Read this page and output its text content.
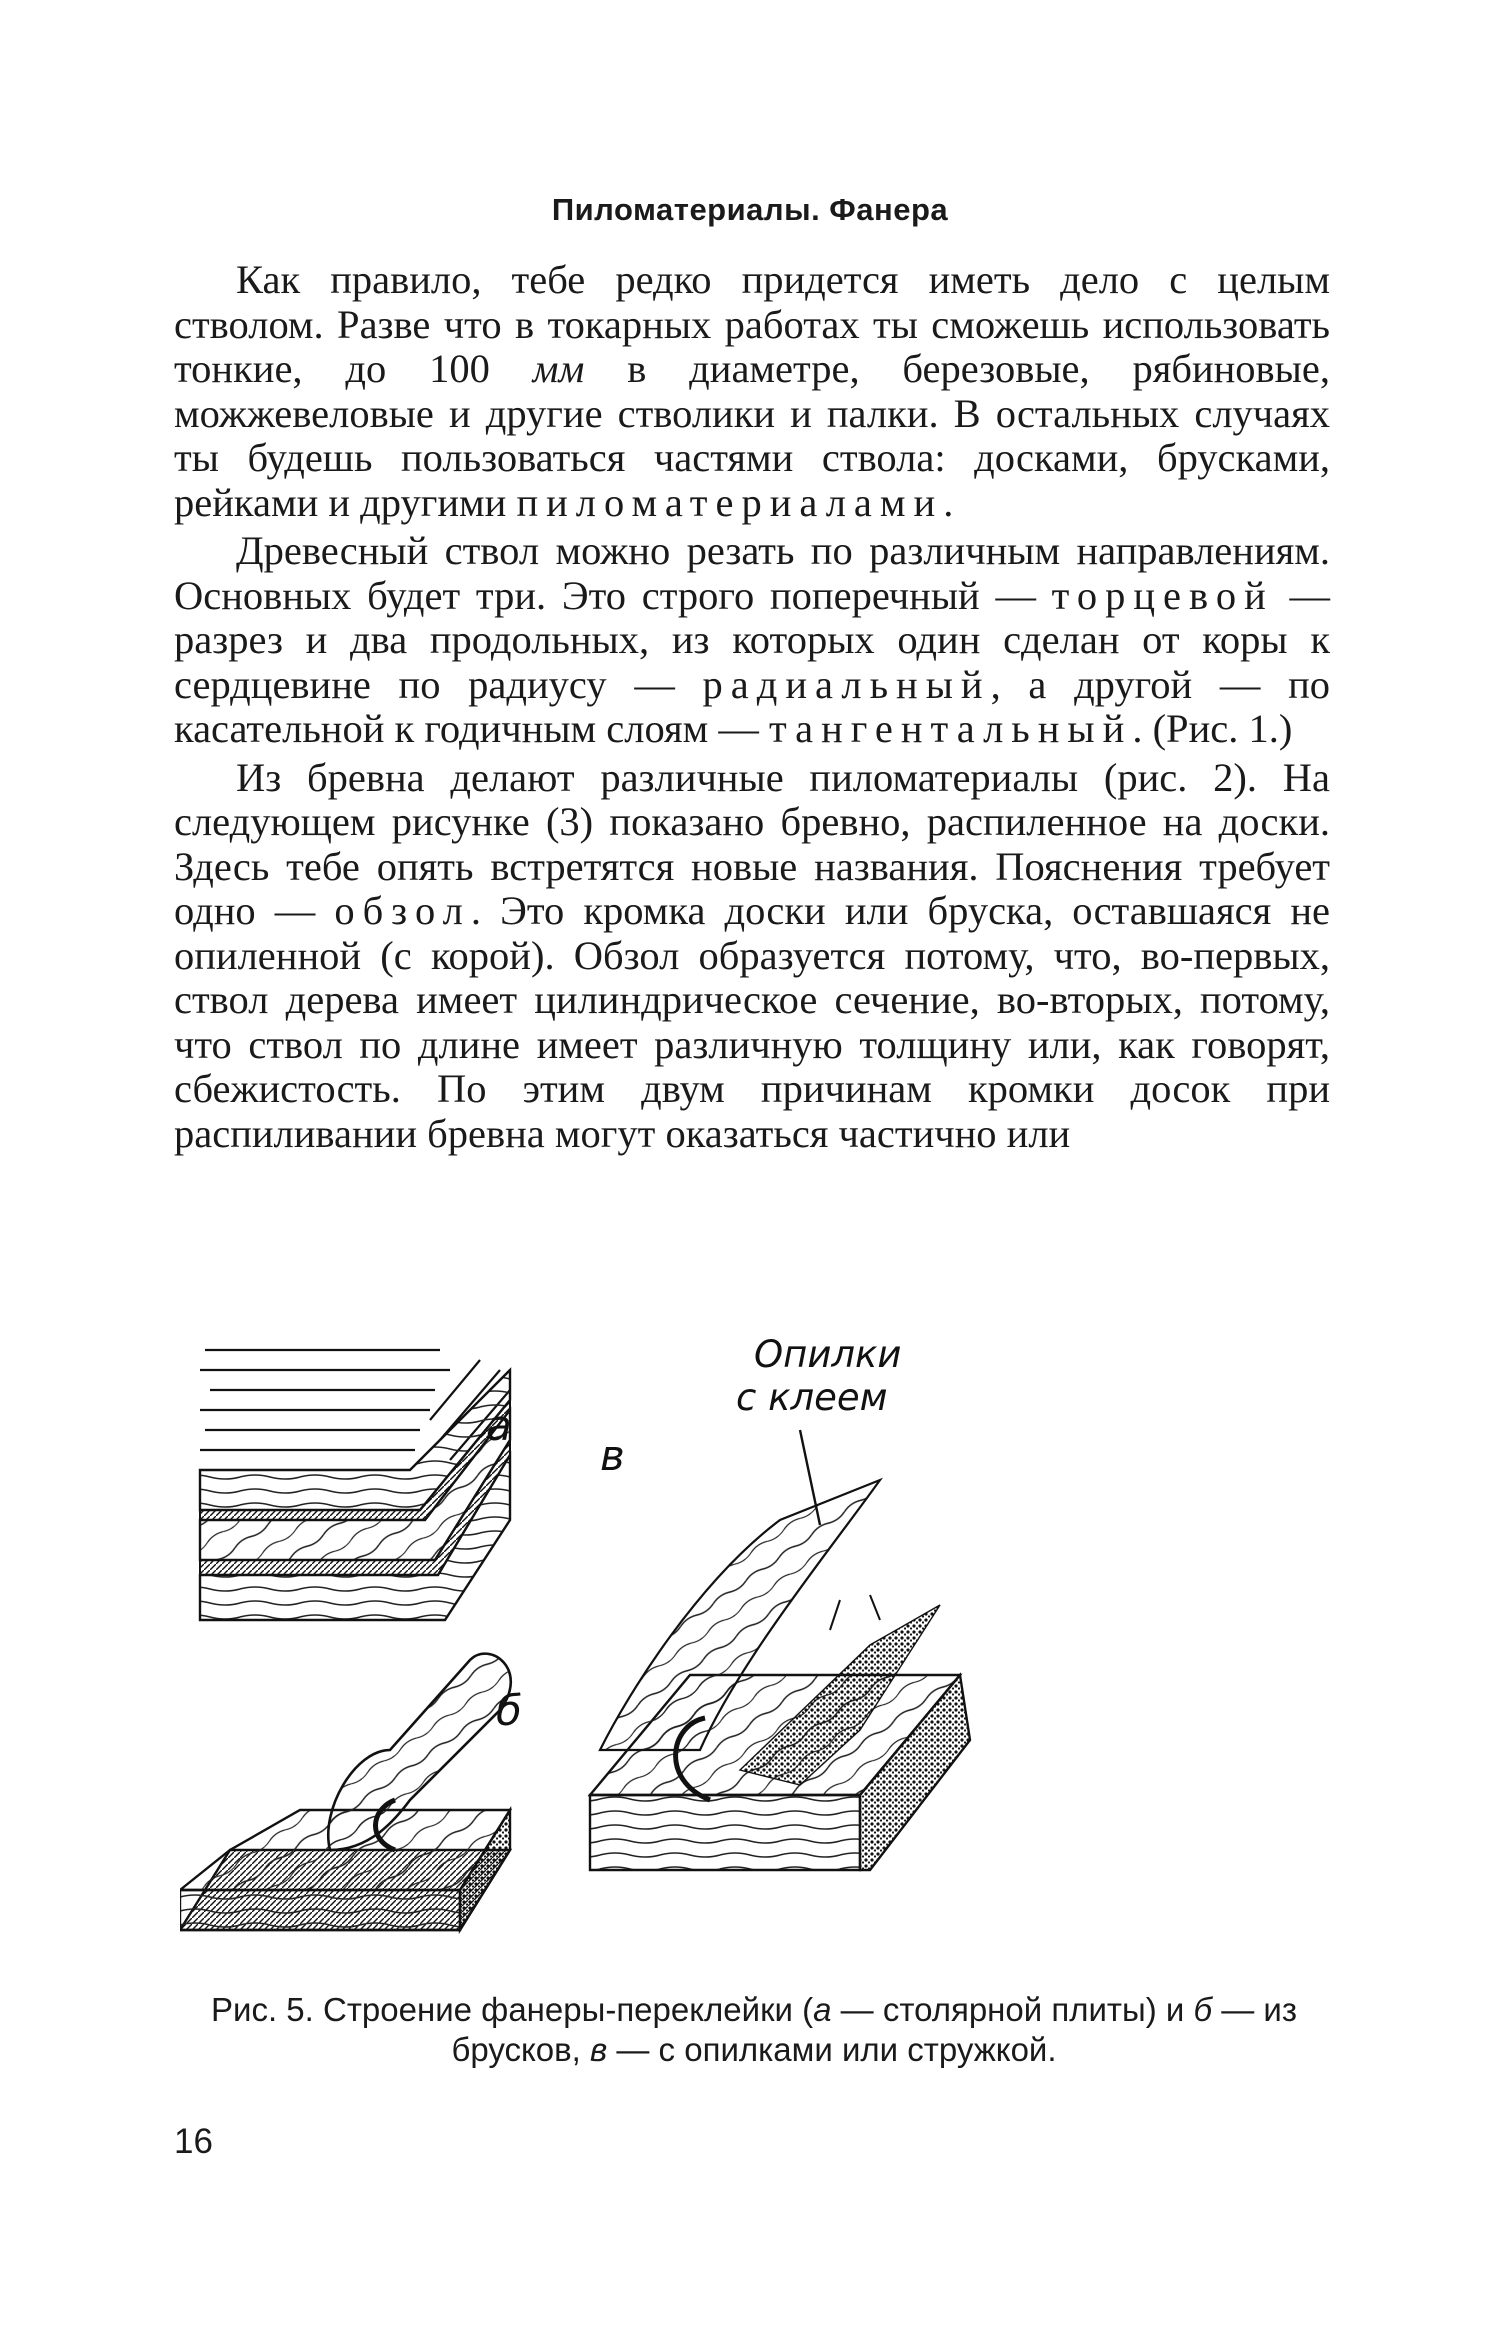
Пиломатериалы. Фанера

Как правило, тебе редко придется иметь дело с целым стволом. Разве что в токарных работах ты сможешь использовать тонкие, до 100 мм в диаметре, березовые, рябиновые, можжевеловые и другие стволики и палки. В остальных случаях ты будешь пользоваться частями ствола: досками, брусками, рейками и другими пиломатериалами.

Древесный ствол можно резать по различным направлениям. Основных будет три. Это строго поперечный — торцевой — разрез и два продольных, из которых один сделан от коры к сердцевине по радиусу — радиальный, а другой — по касательной к годичным слоям — тангентальный. (Рис. 1.)

Из бревна делают различные пиломатериалы (рис. 2). На следующем рисунке (3) показано бревно, распиленное на доски. Здесь тебе опять встретятся новые названия. Пояснения требует одно — обзол. Это кромка доски или бруска, оставшаяся не опиленной (с корой). Обзол образуется потому, что, во-первых, ствол дерева имеет цилиндрическое сечение, во-вторых, потому, что ствол по длине имеет различную толщину или, как говорят, сбежистость. По этим двум причинам кромки досок при распиливании бревна могут оказаться частично или

а
б
в
Опилки
с клеем
Рис. 5. Строение фанеры-переклейки (а — столярной плиты) и б — из брусков, в — с опилками или стружкой.
16
